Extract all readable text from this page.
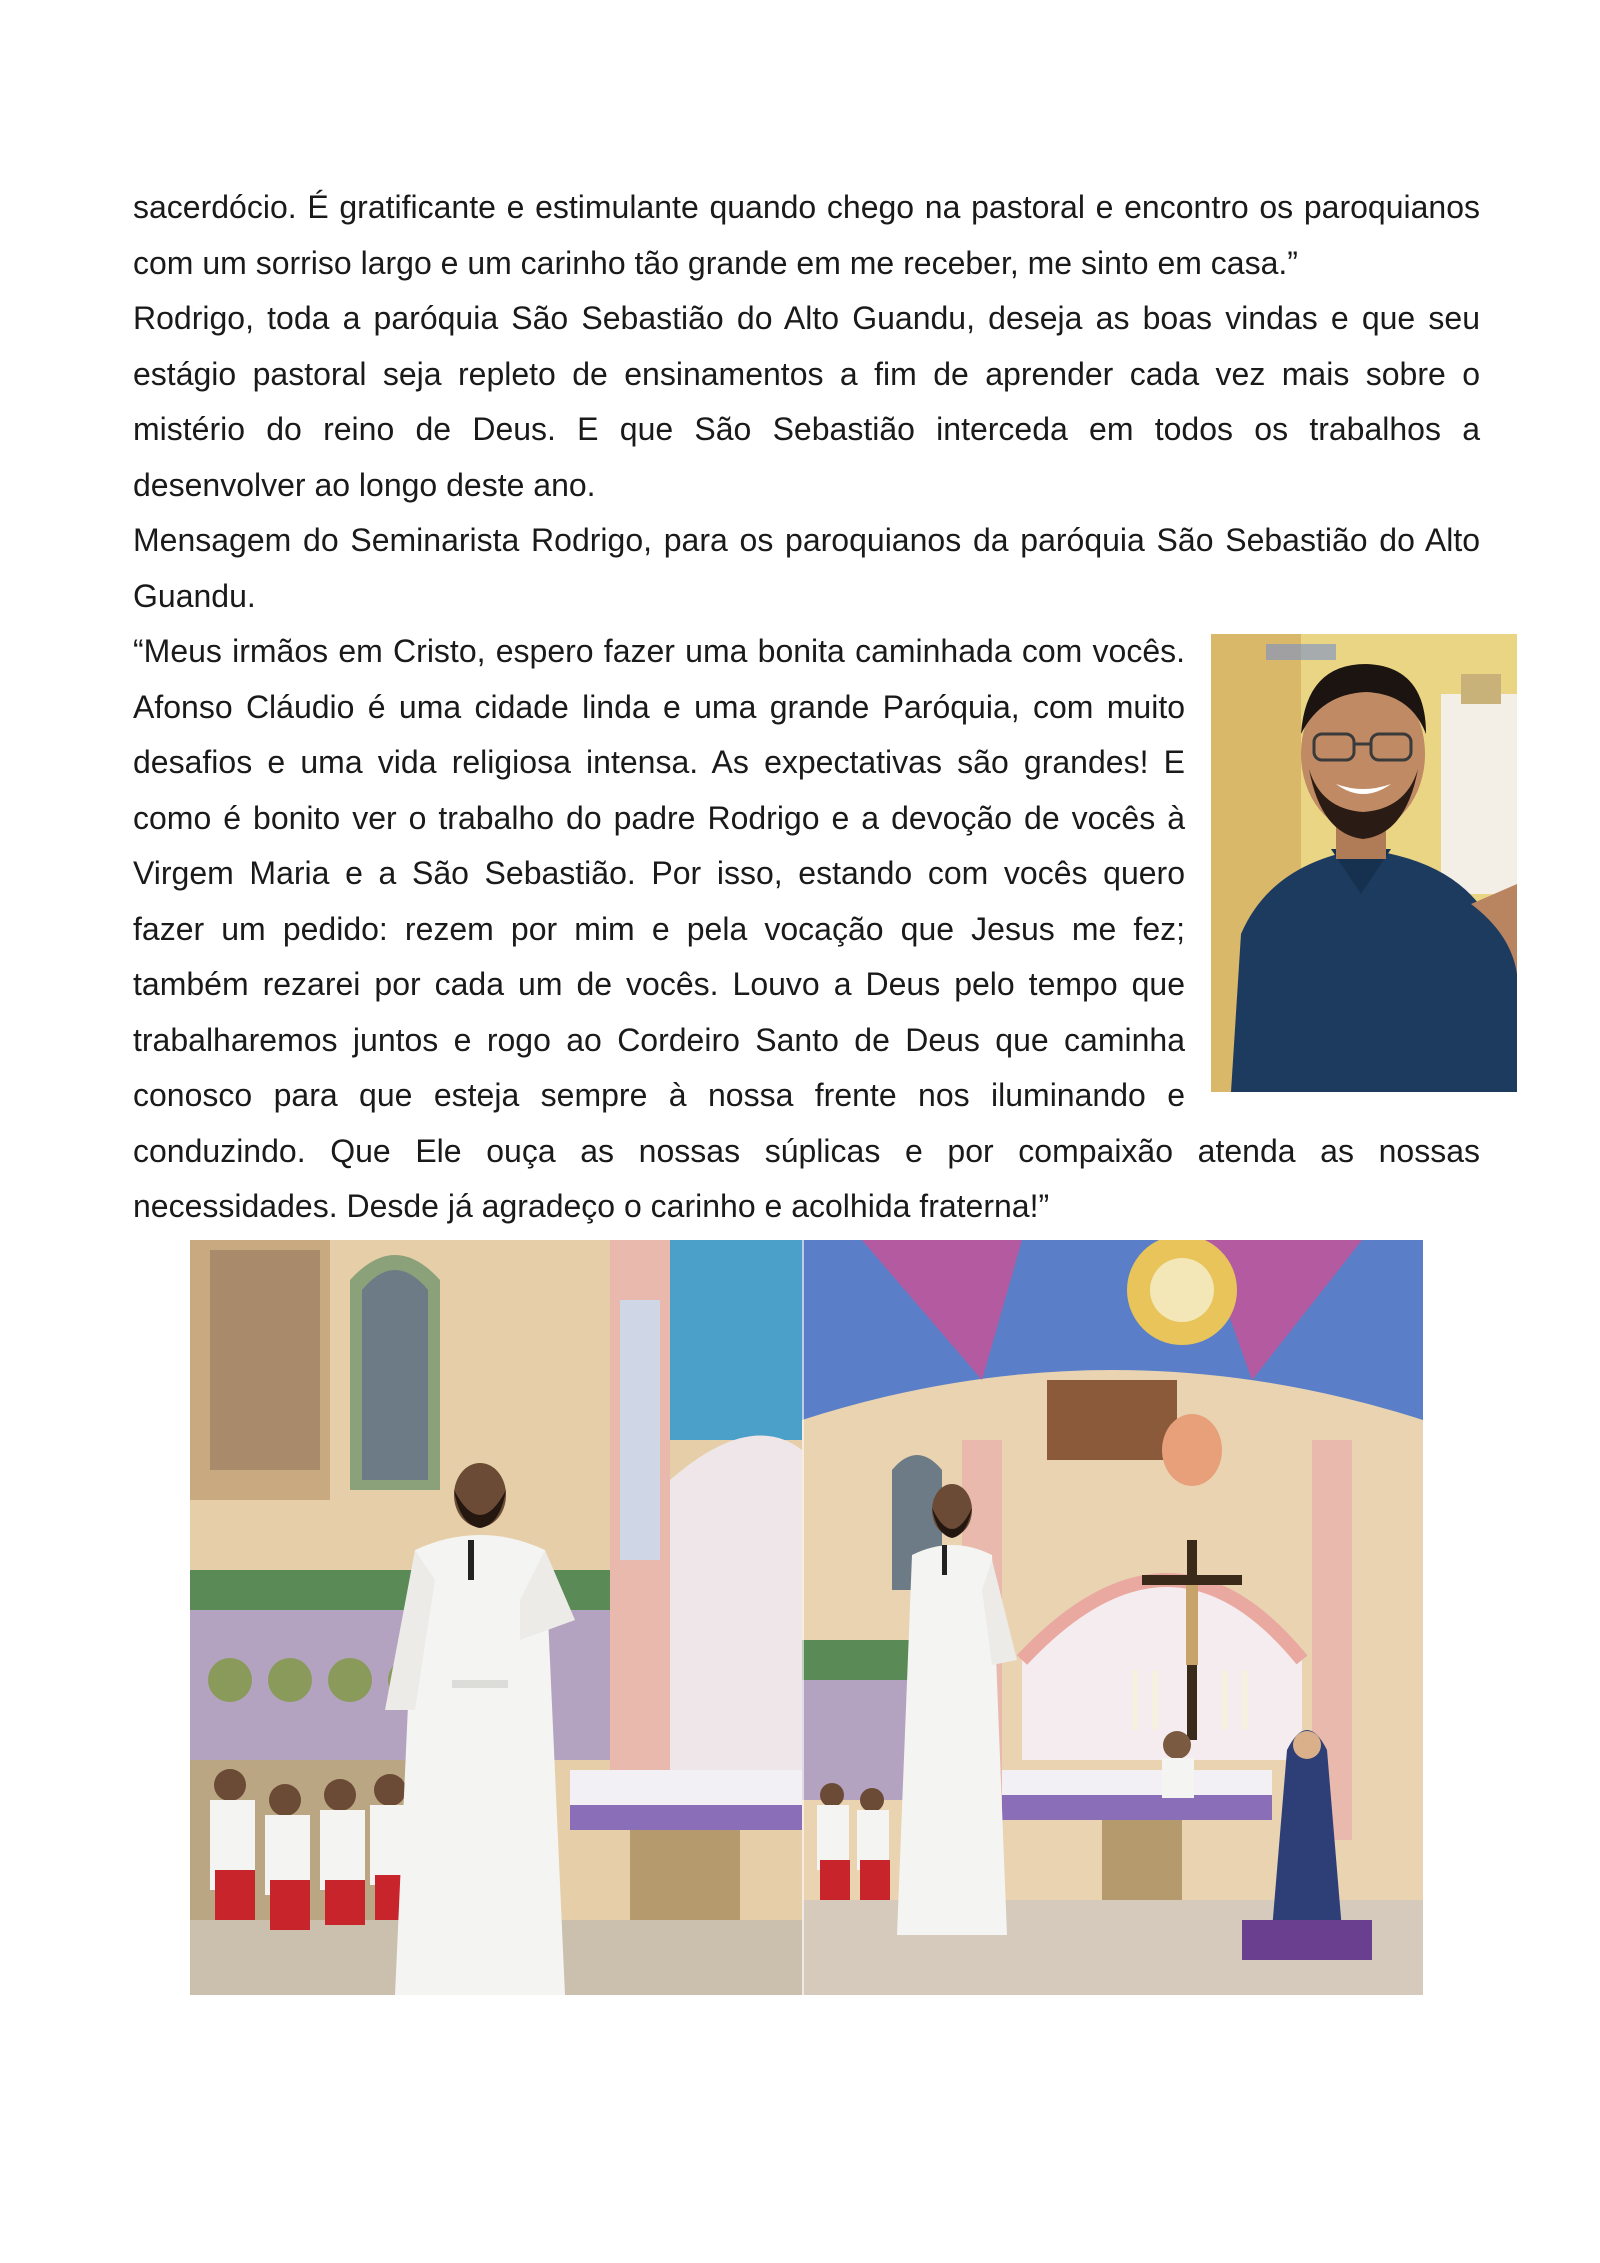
sacerdócio. É gratificante e estimulante quando chego na pastoral e encontro os paroquianos com um sorriso largo e um carinho tão grande em me receber, me sinto em casa.”

Rodrigo, toda a paróquia São Sebastião do Alto Guandu, deseja as boas vindas e que seu estágio pastoral seja repleto de ensinamentos a fim de aprender cada vez mais sobre o mistério do reino de Deus. E que São Sebastião interceda em todos os trabalhos a desenvolver ao longo deste ano.

Mensagem do Seminarista Rodrigo, para os paroquianos da paróquia São Sebastião do Alto Guandu.

“Meus irmãos em Cristo, espero fazer uma bonita caminhada com vocês. Afonso Cláudio é uma cidade linda e uma grande Paróquia, com muito desafios e uma vida religiosa intensa. As expectativas são grandes! E como é bonito ver o trabalho do padre Rodrigo e a devoção de vocês à Virgem Maria e a São Sebastião. Por isso, estando com vocês quero fazer um pedido: rezem por mim e pela vocação que Jesus me fez; também rezarei por cada um de vocês. Louvo a Deus pelo tempo que trabalharemos juntos e rogo ao Cordeiro Santo de Deus que caminha conosco para que esteja sempre à nossa frente nos iluminando e conduzindo. Que Ele ouça as nossas súplicas e por compaixão atenda as nossas necessidades. Desde já agradeço o carinho e acolhida fraterna!”
